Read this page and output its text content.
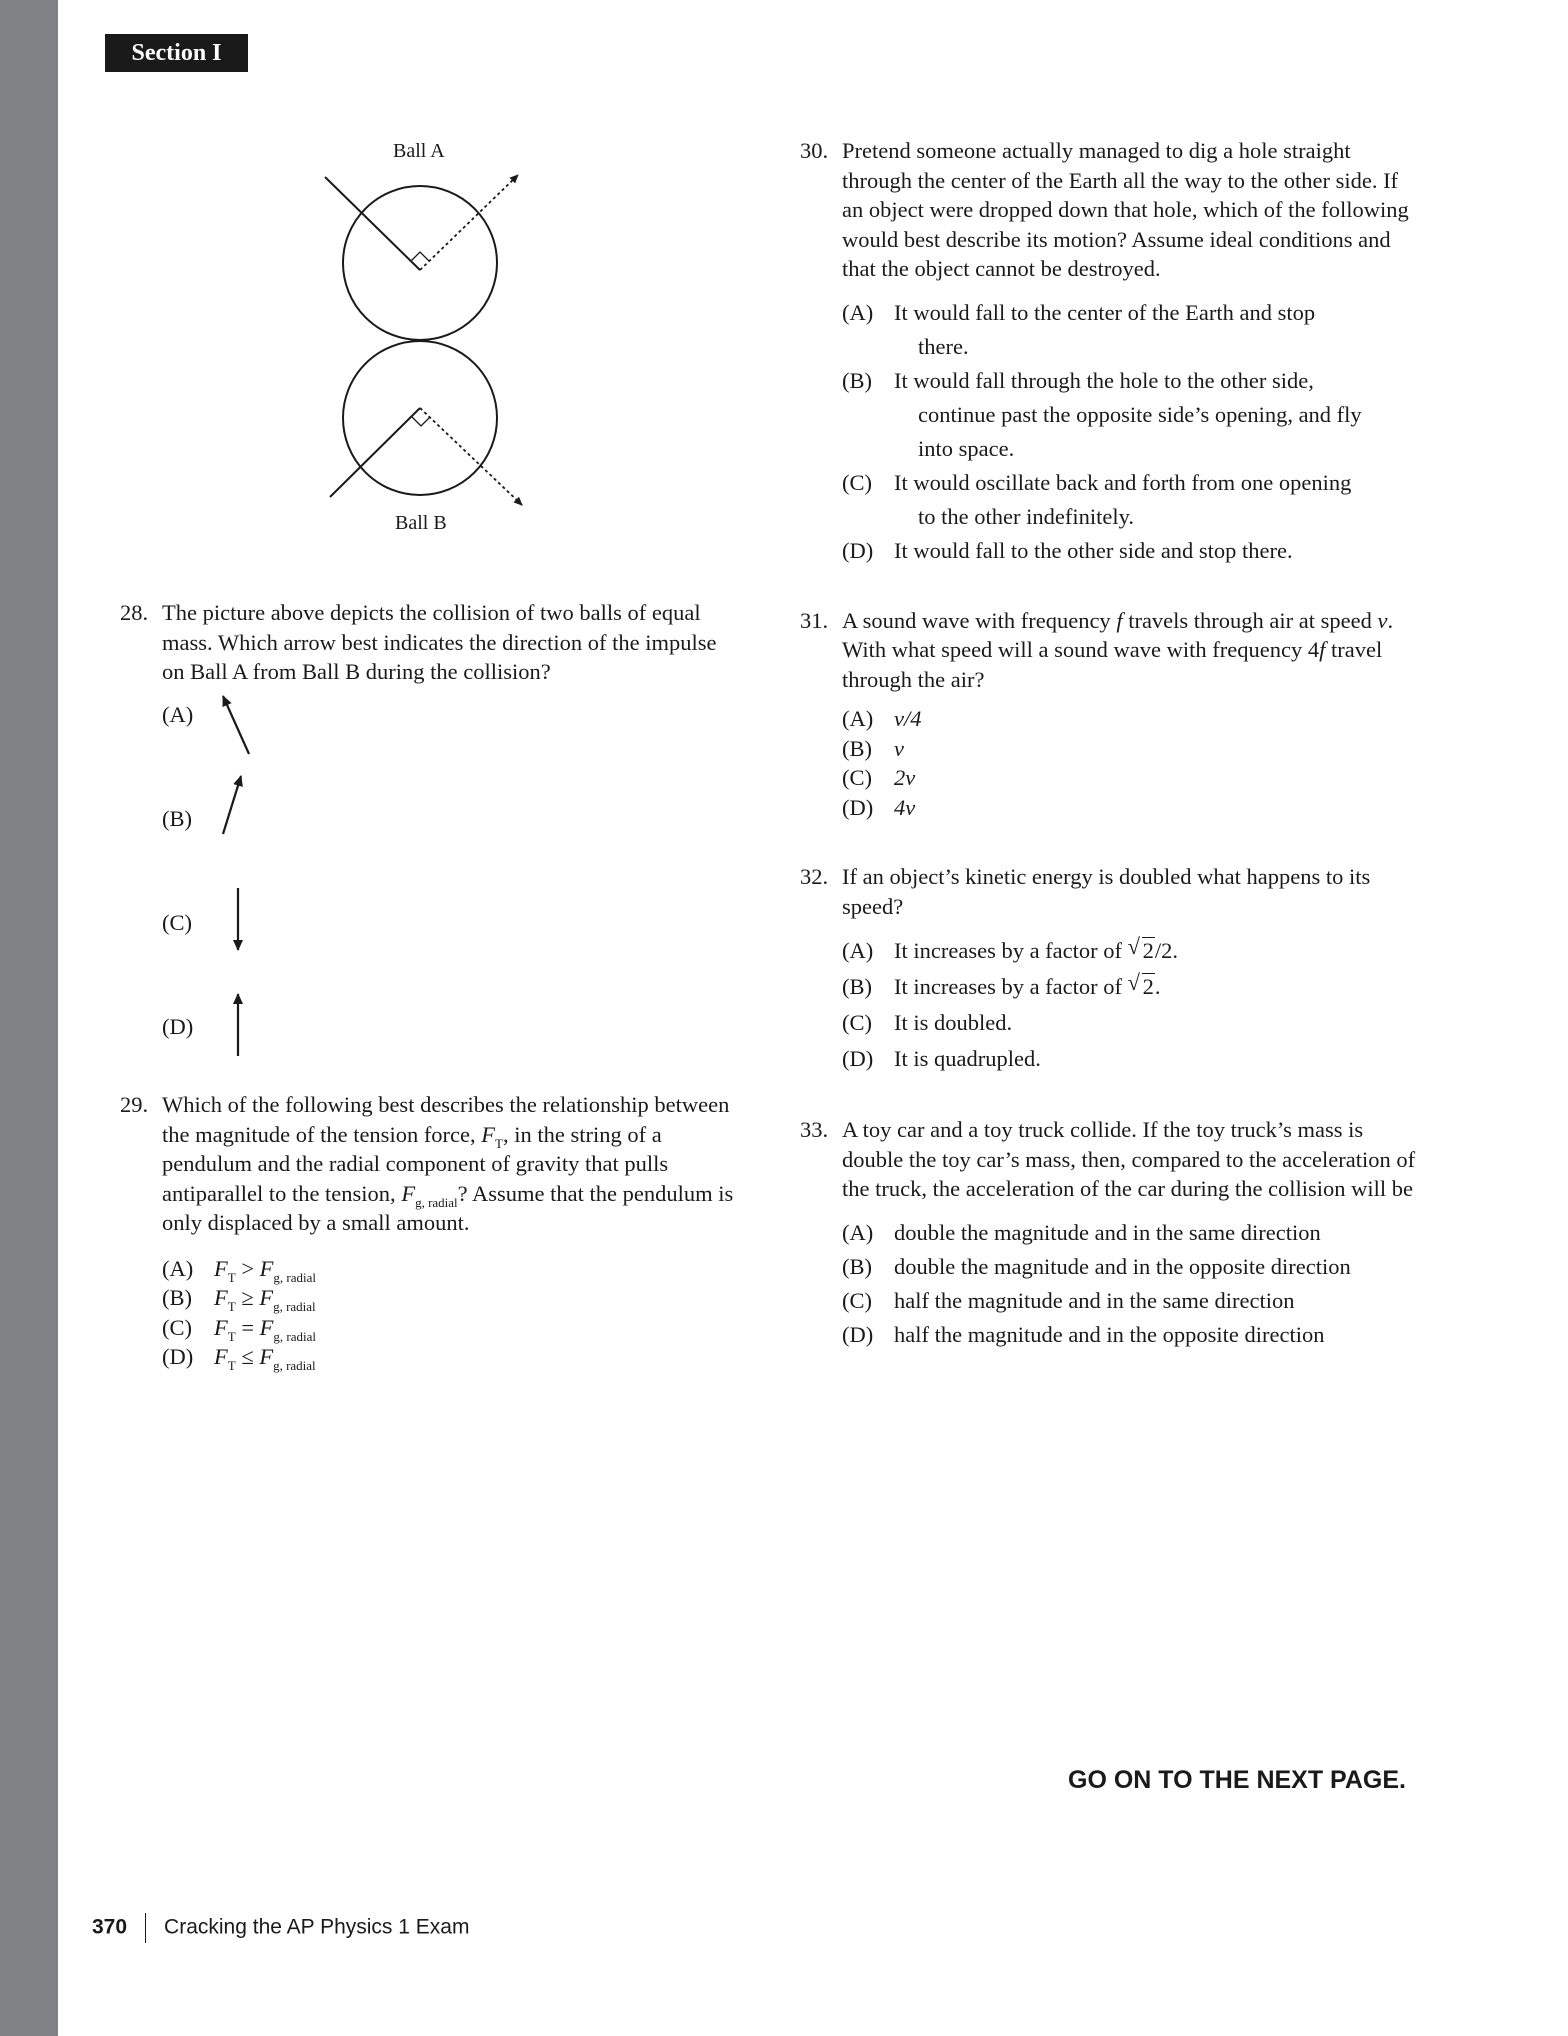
Section I
Ball A
Ball B
28. The picture above depicts the collision of two balls of equal mass. Which arrow best indicates the direction of the impulse on Ball A from Ball B during the collision?
(A)
(B)
(C)
(D)
29. Which of the following best describes the relationship between the magnitude of the tension force, $F_T$, in the string of a pendulum and the radial component of gravity that pulls antiparallel to the tension, $F_{g, radial}$? Assume that the pendulum is only displaced by a small amount.
(A) $F_T > F_{g, radial}$
(B) $F_T \ge F_{g, radial}$
(C) $F_T = F_{g, radial}$
(D) $F_T \le F_{g, radial}$
30. Pretend someone actually managed to dig a hole straight through the center of the Earth all the way to the other side. If an object were dropped down that hole, which of the following would best describe its motion? Assume ideal conditions and that the object cannot be destroyed.
(A) It would fall to the center of the Earth and stop
there.
(B) It would fall through the hole to the other side,
continue past the opposite side’s opening, and fly
into space.
(C) It would oscillate back and forth from one opening
to the other indefinitely.
(D) It would fall to the other side and stop there.
31. A sound wave with frequency f travels through air at speed v. With what speed will a sound wave with frequency 4f travel through the air?
(A) v/4
(B) v
(C) 2v
(D) 4v
32. If an object’s kinetic energy is doubled what happens to its speed?
(A) It increases by a factor of √ 2/2.
(B) It increases by a factor of √ 2.
(C) It is doubled.
(D) It is quadrupled.
33. A toy car and a toy truck collide. If the toy truck’s mass is double the toy car’s mass, then, compared to the acceleration of the truck, the acceleration of the car during the collision will be
(A) double the magnitude and in the same direction
(B) double the magnitude and in the opposite direction
(C) half the magnitude and in the same direction
(D) half the magnitude and in the opposite direction
GO ON TO THE NEXT PAGE.
370 Cracking the AP Physics 1 Exam
